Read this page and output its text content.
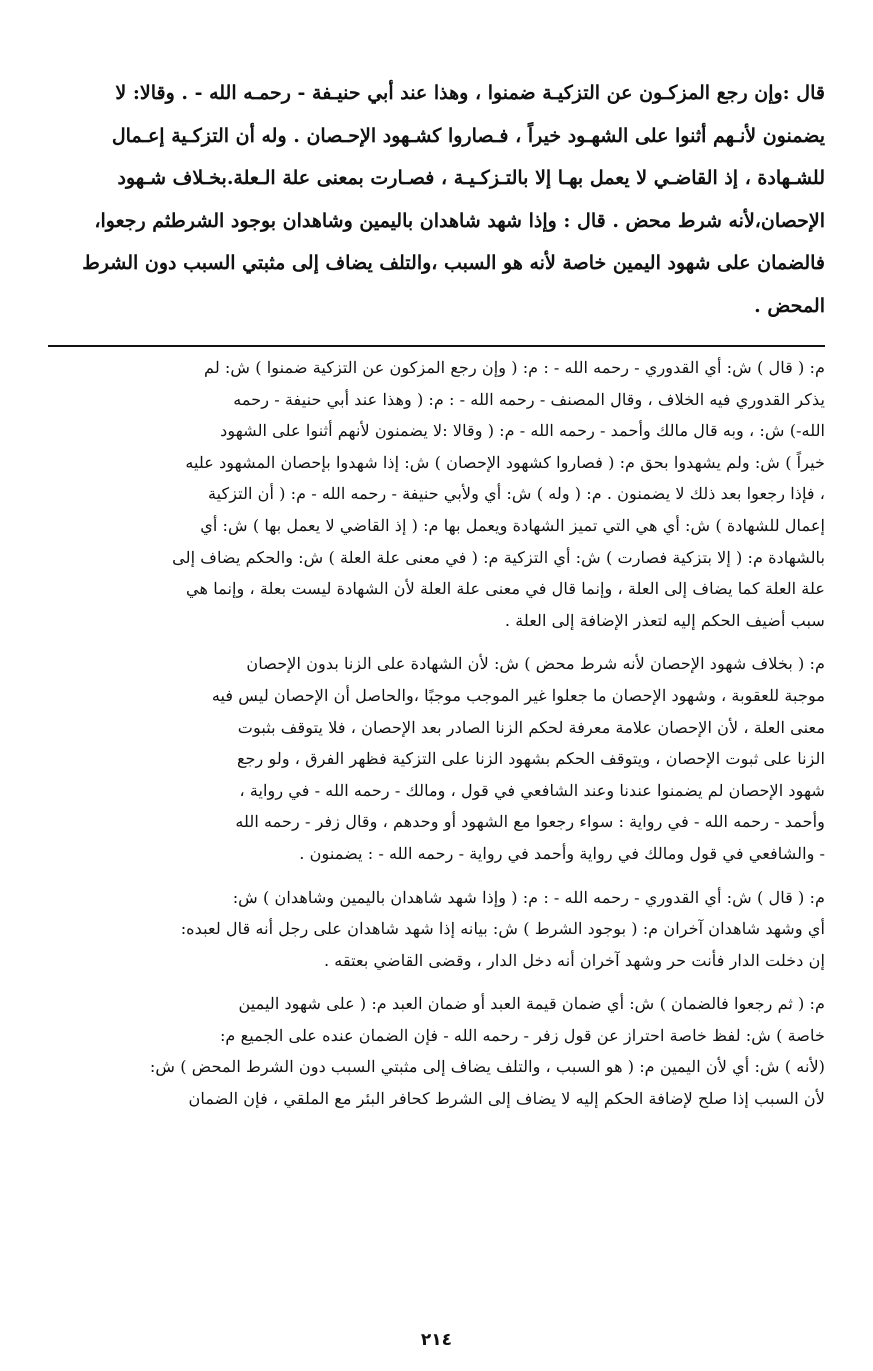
قال :وإن رجع المزكـون عن التزكيـة ضمنوا ، وهذا عند أبي حنيـفة - رحمـه الله - . وقالا: لا
يضمنون لأنـهم أثنوا على الشهـود خيراً ، فـصاروا كشـهود الإحـصان . وله أن التزكـية إعـمال
للشـهادة ، إذ القاضـي لا يعمل بهـا إلا بالتـزكـيـة ، فصـارت بمعنى علة الـعلة.بخـلاف شـهود
الإحصان،لأنه شرط محض . قال : وإذا شهد شاهدان باليمين وشاهدان بوجود الشرطثم رجعوا،
فالضمان على شهود اليمين خاصة لأنه هو السبب ،والتلف يضاف إلى مثبتي السبب دون الشرط
المحض .
م: ( قال ) ش: أي القدوري - رحمه الله - : م: ( وإن رجع المزكون عن التزكية ضمنوا ) ش: لم
يذكر القدوري فيه الخلاف ، وقال المصنف - رحمه الله - : م: ( وهذا عند أبي حنيفة - رحمه
الله-) ش: ، وبه قال مالك وأحمد - رحمه الله - م: ( وقالا :لا يضمنون لأنهم أثنوا على الشهود
خيراً ) ش: ولم يشهدوا بحق م: ( فصاروا كشهود الإحصان ) ش: إذا شهدوا بإحصان المشهود عليه
، فإذا رجعوا بعد ذلك لا يضمنون . م: ( وله ) ش: أي ولأبي حنيفة - رحمه الله - م: ( أن التزكية
إعمال للشهادة ) ش: أي هي التي تميز الشهادة ويعمل بها م: ( إذ القاضي لا يعمل بها ) ش: أي
بالشهادة م: ( إلا بتزكية فصارت ) ش: أي التزكية م: ( في معنى علة العلة ) ش: والحكم يضاف إلى
علة العلة كما يضاف إلى العلة ، وإنما قال في معنى علة العلة لأن الشهادة ليست بعلة ، وإنما هي
سبب أضيف الحكم إليه لتعذر الإضافة إلى العلة .
م: ( بخلاف شهود الإحصان لأنه شرط محض ) ش: لأن الشهادة على الزنا بدون الإحصان
موجبة للعقوبة ، وشهود الإحصان ما جعلوا غير الموجب موجبًا ،والحاصل أن الإحصان ليس فيه
معنى العلة ، لأن الإحصان علامة معرفة لحكم الزنا الصادر بعد الإحصان ، فلا يتوقف بثبوت
الزنا على ثبوت الإحصان ، ويتوقف الحكم بشهود الزنا على التزكية فظهر الفرق ، ولو رجع
شهود الإحصان لم يضمنوا عندنا وعند الشافعي في قول ، ومالك - رحمه الله - في رواية ،
وأحمد - رحمه الله - في رواية : سواء رجعوا مع الشهود أو وحدهم ، وقال زفر - رحمه الله
- والشافعي في قول ومالك في رواية وأحمد في رواية - رحمه الله - : يضمنون .
م: ( قال ) ش: أي القدوري - رحمه الله - : م: ( وإذا شهد شاهدان باليمين وشاهدان ) ش:
أي وشهد شاهدان آخران م: ( بوجود الشرط ) ش: بيانه إذا شهد شاهدان على رجل أنه قال لعبده:
إن دخلت الدار فأنت حر وشهد آخران أنه دخل الدار ، وقضى القاضي بعتقه .
م: ( ثم رجعوا فالضمان ) ش: أي ضمان قيمة العبد أو ضمان العبد م: ( على شهود اليمين
خاصة ) ش: لفظ خاصة احتراز عن قول زفر - رحمه الله - فإن الضمان عنده على الجميع م:
(لأنه ) ش: أي لأن اليمين م: ( هو السبب ، والتلف يضاف إلى مثبتي السبب دون الشرط المحض ) ش:
لأن السبب إذا صلح لإضافة الحكم إليه لا يضاف إلى الشرط كحافر البئر مع الملقي ، فإن الضمان
٢١٤
